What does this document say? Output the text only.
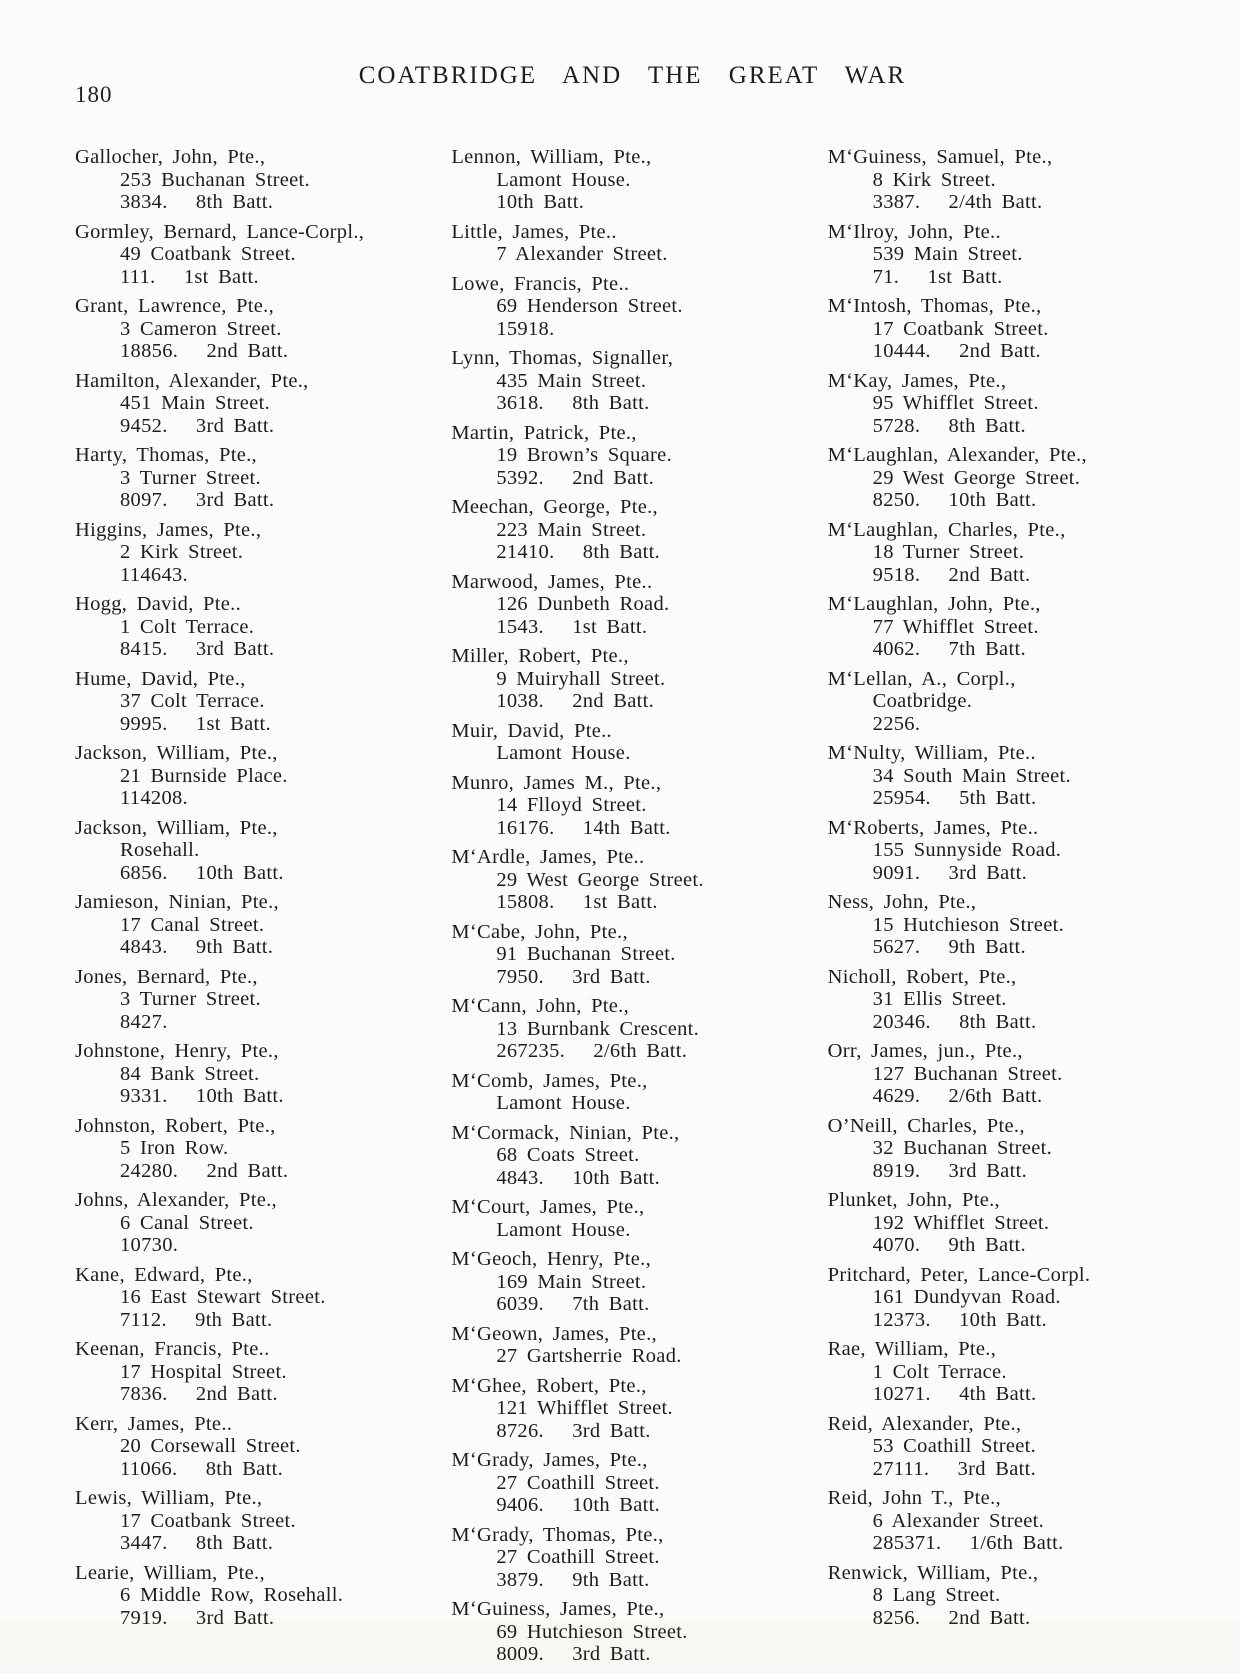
180
COATBRIDGE AND THE GREAT WAR

Gallocher, John, Pte.,

253 Buchanan Street.

3834.   8th Batt.

Gormley, Bernard, Lance-Corpl.,

49 Coatbank Street.

111.   1st Batt.

Grant, Lawrence, Pte.,

3 Cameron Street.

18856.   2nd Batt.

Hamilton, Alexander, Pte.,

451 Main Street.

9452.   3rd Batt.

Harty, Thomas, Pte.,

3 Turner Street.

8097.   3rd Batt.

Higgins, James, Pte.,

2 Kirk Street.

114643.

Hogg, David, Pte..

1 Colt Terrace.

8415.   3rd Batt.

Hume, David, Pte.,

37 Colt Terrace.

9995.   1st Batt.

Jackson, William, Pte.,

21 Burnside Place.

114208.

Jackson, William, Pte.,

Rosehall.

6856.   10th Batt.

Jamieson, Ninian, Pte.,

17 Canal Street.

4843.   9th Batt.

Jones, Bernard, Pte.,

3 Turner Street.

8427.

Johnstone, Henry, Pte.,

84 Bank Street.

9331.   10th Batt.

Johnston, Robert, Pte.,

5 Iron Row.

24280.   2nd Batt.

Johns, Alexander, Pte.,

6 Canal Street.

10730.

Kane, Edward, Pte.,

16 East Stewart Street.

7112.   9th Batt.

Keenan, Francis, Pte..

17 Hospital Street.

7836.   2nd Batt.

Kerr, James, Pte..

20 Corsewall Street.

11066.   8th Batt.

Lewis, William, Pte.,

17 Coatbank Street.

3447.   8th Batt.

Learie, William, Pte.,

6 Middle Row, Rosehall.

7919.   3rd Batt.

Lennon, William, Pte.,

Lamont House.

10th Batt.

Little, James, Pte..

7 Alexander Street.

Lowe, Francis, Pte..

69 Henderson Street.

15918.

Lynn, Thomas, Signaller,

435 Main Street.

3618.   8th Batt.

Martin, Patrick, Pte.,

19 Brown’s Square.

5392.   2nd Batt.

Meechan, George, Pte.,

223 Main Street.

21410.   8th Batt.

Marwood, James, Pte..

126 Dunbeth Road.

1543.   1st Batt.

Miller, Robert, Pte.,

9 Muiryhall Street.

1038.   2nd Batt.

Muir, David, Pte..

Lamont House.

Munro, James M., Pte.,

14 Flloyd Street.

16176.   14th Batt.

M‘Ardle, James, Pte..

29 West George Street.

15808.   1st Batt.

M‘Cabe, John, Pte.,

91 Buchanan Street.

7950.   3rd Batt.

M‘Cann, John, Pte.,

13 Burnbank Crescent.

267235.   2/6th Batt.

M‘Comb, James, Pte.,

Lamont House.

M‘Cormack, Ninian, Pte.,

68 Coats Street.

4843.   10th Batt.

M‘Court, James, Pte.,

Lamont House.

M‘Geoch, Henry, Pte.,

169 Main Street.

6039.   7th Batt.

M‘Geown, James, Pte.,

27 Gartsherrie Road.

M‘Ghee, Robert, Pte.,

121 Whifflet Street.

8726.   3rd Batt.

M‘Grady, James, Pte.,

27 Coathill Street.

9406.   10th Batt.

M‘Grady, Thomas, Pte.,

27 Coathill Street.

3879.   9th Batt.

M‘Guiness, James, Pte.,

69 Hutchieson Street.

8009.   3rd Batt.

M‘Guiness, Samuel, Pte.,

8 Kirk Street.

3387.   2/4th Batt.

M‘Ilroy, John, Pte..

539 Main Street.

71.   1st Batt.

M‘Intosh, Thomas, Pte.,

17 Coatbank Street.

10444.   2nd Batt.

M‘Kay, James, Pte.,

95 Whifflet Street.

5728.   8th Batt.

M‘Laughlan, Alexander, Pte.,

29 West George Street.

8250.   10th Batt.

M‘Laughlan, Charles, Pte.,

18 Turner Street.

9518.   2nd Batt.

M‘Laughlan, John, Pte.,

77 Whifflet Street.

4062.   7th Batt.

M‘Lellan, A., Corpl.,

Coatbridge.

2256.

M‘Nulty, William, Pte..

34 South Main Street.

25954.   5th Batt.

M‘Roberts, James, Pte..

155 Sunnyside Road.

9091.   3rd Batt.

Ness, John, Pte.,

15 Hutchieson Street.

5627.   9th Batt.

Nicholl, Robert, Pte.,

31 Ellis Street.

20346.   8th Batt.

Orr, James, jun., Pte.,

127 Buchanan Street.

4629.   2/6th Batt.

O’Neill, Charles, Pte.,

32 Buchanan Street.

8919.   3rd Batt.

Plunket, John, Pte.,

192 Whifflet Street.

4070.   9th Batt.

Pritchard, Peter, Lance-Corpl.

161 Dundyvan Road.

12373.   10th Batt.

Rae, William, Pte.,

1 Colt Terrace.

10271.   4th Batt.

Reid, Alexander, Pte.,

53 Coathill Street.

27111.   3rd Batt.

Reid, John T., Pte.,

6 Alexander Street.

285371.   1/6th Batt.

Renwick, William, Pte.,

8 Lang Street.

8256.   2nd Batt.
